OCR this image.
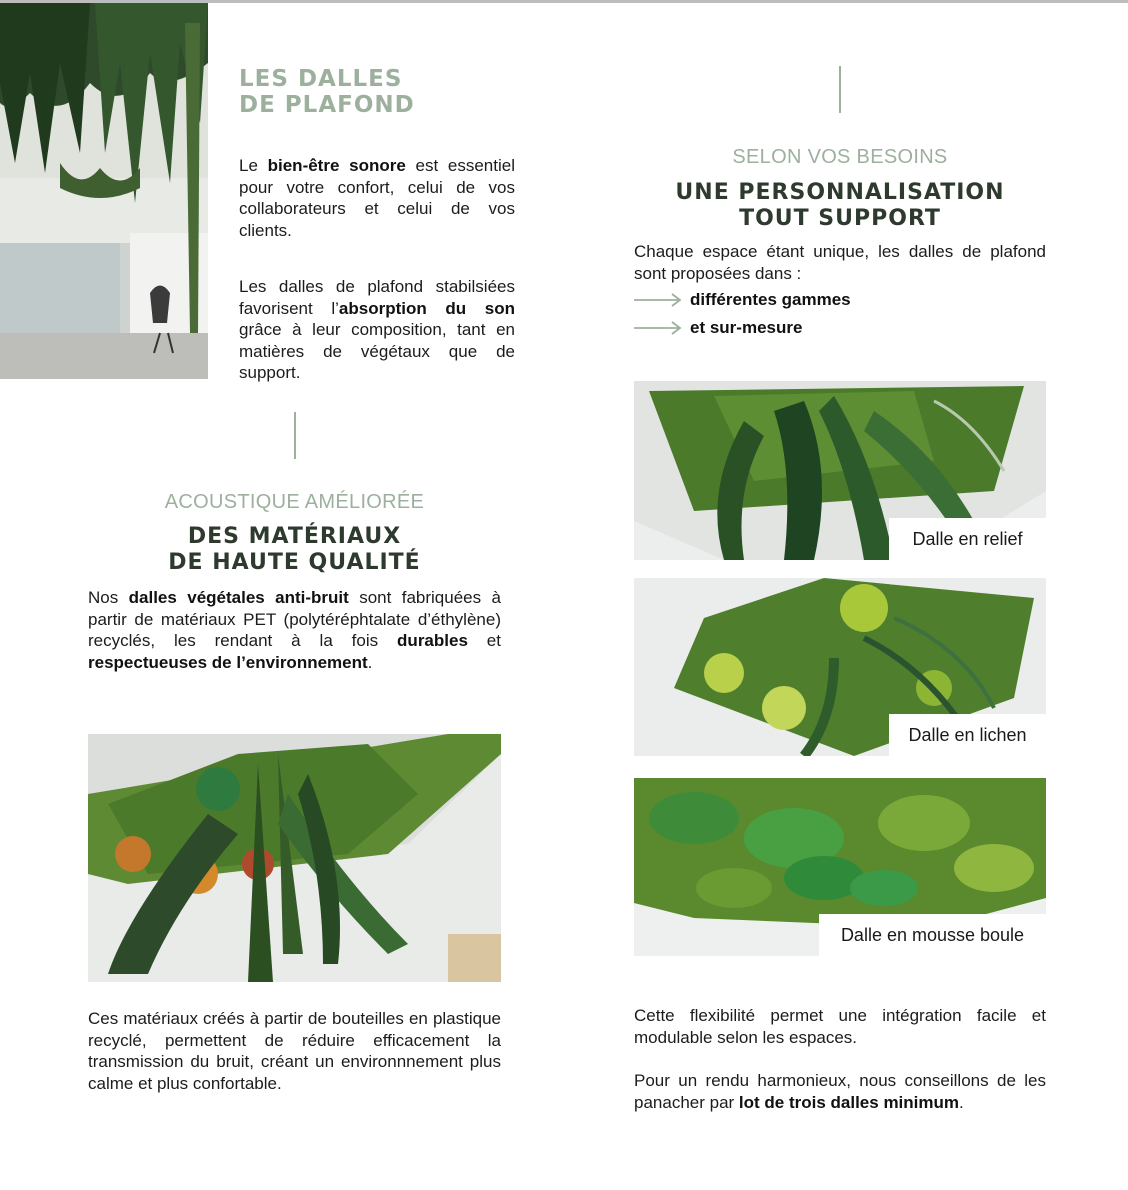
LES DALLES
DE PLAFOND
Le bien-être sonore est essentiel pour votre confort, celui de vos collaborateurs et celui de vos clients.
Les dalles de plafond stabilsiées favorisent l’absorption du son grâce à leur composition, tant en matières de végétaux que de support.
ACOUSTIQUE AMÉLIORÉE
DES MATÉRIAUX
DE HAUTE QUALITÉ
Nos dalles végétales anti-bruit sont fabriquées à partir de matériaux PET (polytéréphtalate d’éthylène) recyclés, les rendant à la fois durables et respectueuses de l’environnement.
Ces matériaux créés à partir de bouteilles en plastique recyclé, permettent de réduire efficacement la transmission du bruit, créant un environnnement plus calme et plus confortable.
SELON VOS BESOINS
UNE PERSONNALISATION
TOUT SUPPORT
Chaque espace étant unique, les dalles de plafond sont proposées dans :
différentes gammes
et sur-mesure
Dalle en relief
Dalle en lichen
Dalle en mousse boule
Cette flexibilité permet une intégration facile et modulable selon les espaces.
Pour un rendu harmonieux, nous conseillons de les panacher par lot de trois dalles minimum.
